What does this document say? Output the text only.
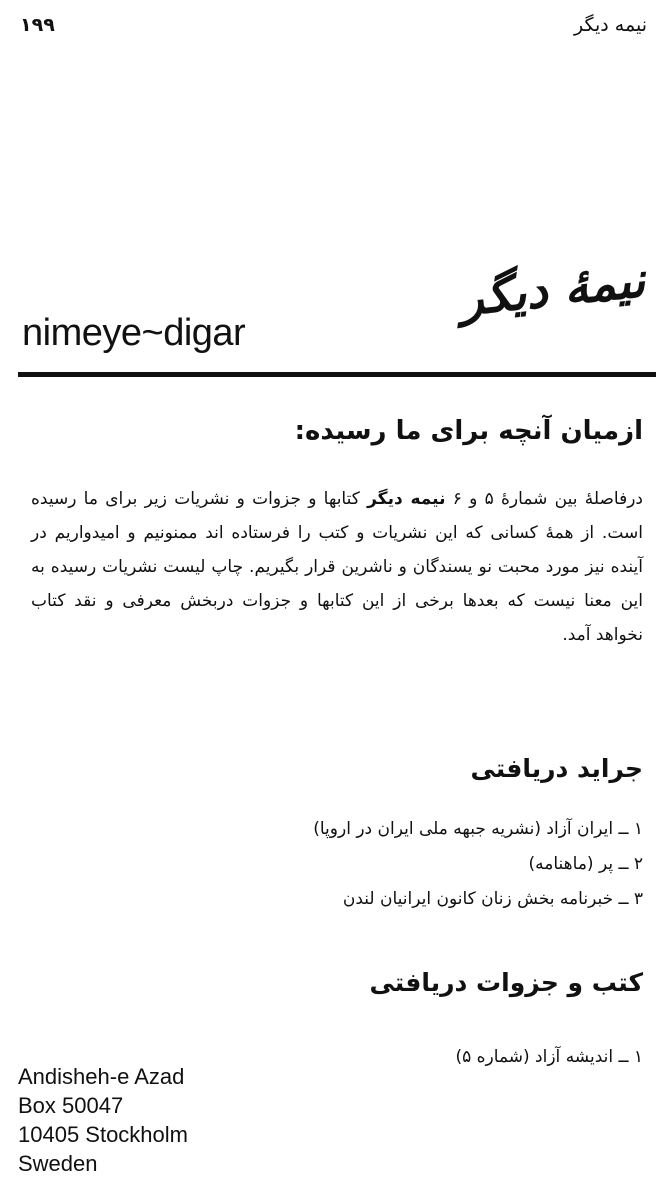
نیمه دیگر
۱۹۹
نیمهٔ دیگر
nimeye~digar
ازمیان آنچه برای ما رسیده:

درفاصلهٔ بین شمارهٔ ۵ و ۶ نیمه دیگر کتابها و جزوات و نشریات زیر برای ما رسیده است. از همهٔ کسانی که این نشریات و کتب را فرستاده اند ممنونیم و امیدواریم در آینده نیز مورد محبت نو یسندگان و ناشرین قرار بگیریم. چاپ لیست نشریات رسیده به این معنا نیست که بعدها برخی از این کتابها و جزوات دربخش معرفی و نقد کتاب نخواهد آمد.

جراید دریافتی
۱ ــ ایران آزاد (نشریه جبهه ملی ایران در اروپا)
۲ ــ پر (ماهنامه)
۳ ــ خبرنامه بخش زنان کانون ایرانیان لندن
کتب و جزوات دریافتی
۱ ــ اندیشه آزاد (شماره ۵)
Andisheh-e Azad
Box 50047
10405 Stockholm
Sweden
